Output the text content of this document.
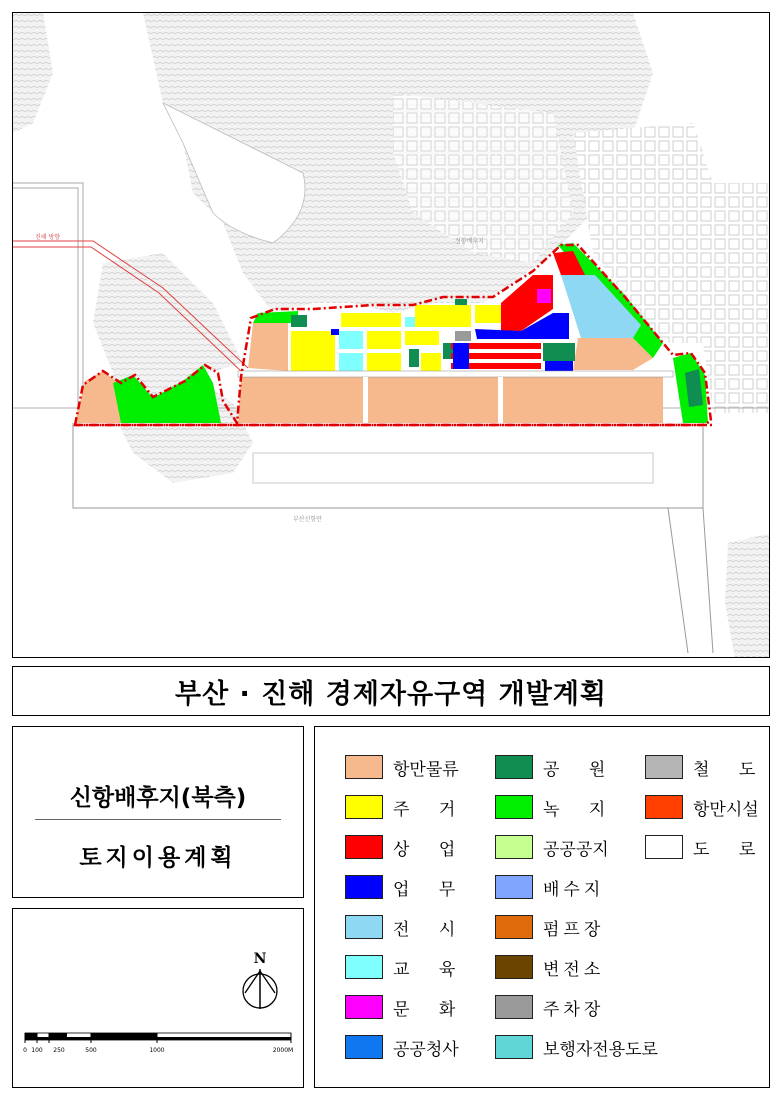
신항배후지
진해 방향
부산신항만
부산 · 진해 경제자유구역 개발계획
신항배후지(북측)
토지이용계획
N
0 100 250	500	1000	2000M
항만물류
주 거
상 업
업 무
전 시
교 육
문 화
공공청사
공 원
녹 지
공공공지
배수지
펌프장
변전소
주차장
보행자전용도로
철 도
항만시설
도 로
